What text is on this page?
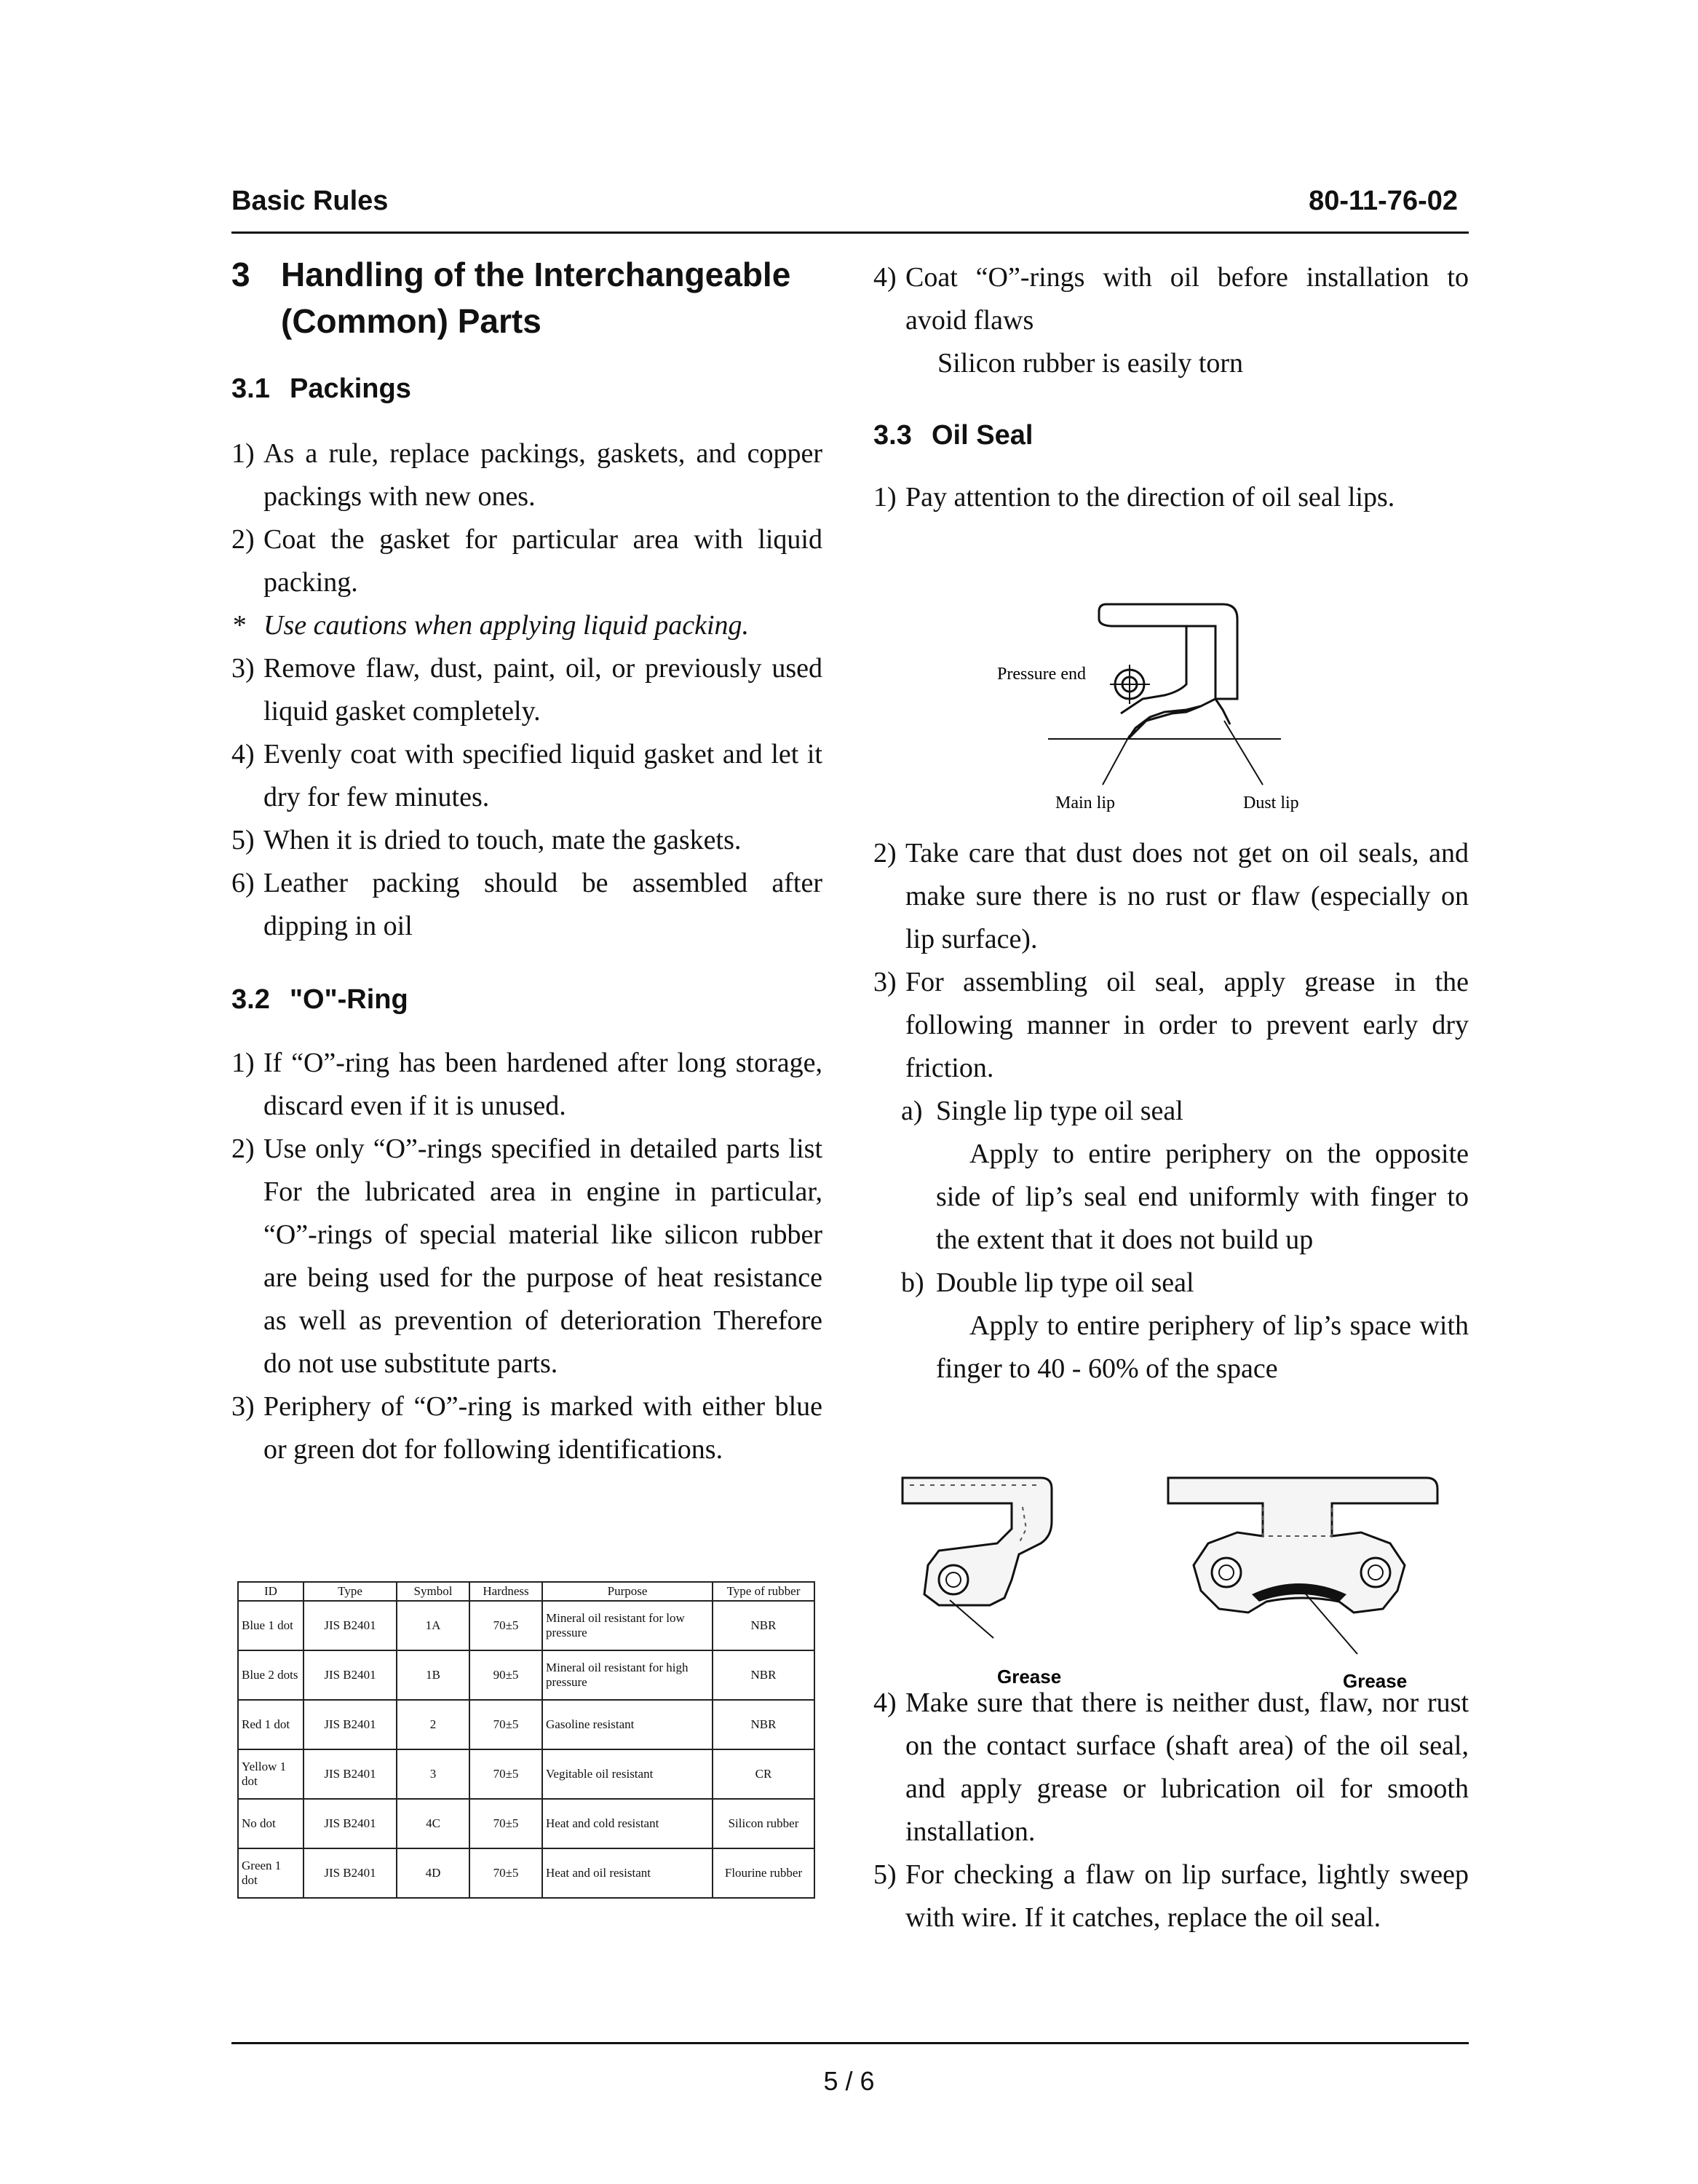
Basic Rules	80-11-76-02
3 Handling of the Interchangeable
(Common) Parts
3.1 Packings

1) As a rule, replace packings, gaskets, and copper packings with new ones.

2) Coat the gasket for particular area with liquid packing.

* Use cautions when applying liquid packing.

3) Remove flaw, dust, paint, oil, or previously used liquid gasket completely.

4) Evenly coat with specified liquid gasket and let it dry for few minutes.

5) When it is dried to touch, mate the gaskets.

6) Leather packing should be assembled after dipping in oil

3.2 "O"-Ring

1) If “O”-ring has been hardened after long storage, discard even if it is unused.

2) Use only “O”-rings specified in detailed parts list For the lubricated area in engine in particular, “O”-rings of special material like silicon rubber are being used for the purpose of heat resistance as well as prevention of deterioration Therefore do not use substitute parts.

3) Periphery of “O”-ring is marked with either blue or green dot for following identifications.

ID	Type	Symbol	Hardness	Purpose	Type of rubber
Blue 1 dot	JIS B2401	1A	70±5	Mineral oil resistant for low pressure	NBR
Blue 2 dots	JIS B2401	1B	90±5	Mineral oil resistant for high pressure	NBR
Red 1 dot	JIS B2401	2	70±5	Gasoline resistant	NBR
Yellow 1 dot	JIS B2401	3	70±5	Vegitable oil resistant	CR
No dot	JIS B2401	4C	70±5	Heat and cold resistant	Silicon rubber
Green 1 dot	JIS B2401	4D	70±5	Heat and oil resistant	Flourine rubber

4) Coat “O”-rings with oil before installation to avoid flaws

Silicon rubber is easily torn

3.3 Oil Seal

1) Pay attention to the direction of oil seal lips.

2) Take care that dust does not get on oil seals, and make sure there is no rust or flaw (especially on lip surface).

3) For assembling oil seal, apply grease in the following manner in order to prevent early dry friction.

a) Single lip type oil seal

Apply to entire periphery on the opposite side of lip’s seal end uniformly with finger to the extent that it does not build up

b) Double lip type oil seal

Apply to entire periphery of lip’s space with finger to 40 - 60% of the space

4) Make sure that there is neither dust, flaw, nor rust on the contact surface (shaft area) of the oil seal, and apply grease or lubrication oil for smooth installation.

5) For checking a flaw on lip surface, lightly sweep with wire. If it catches, replace the oil seal.

Pressure end
Main lip	Dust lip
Grease	Grease
5 / 6
